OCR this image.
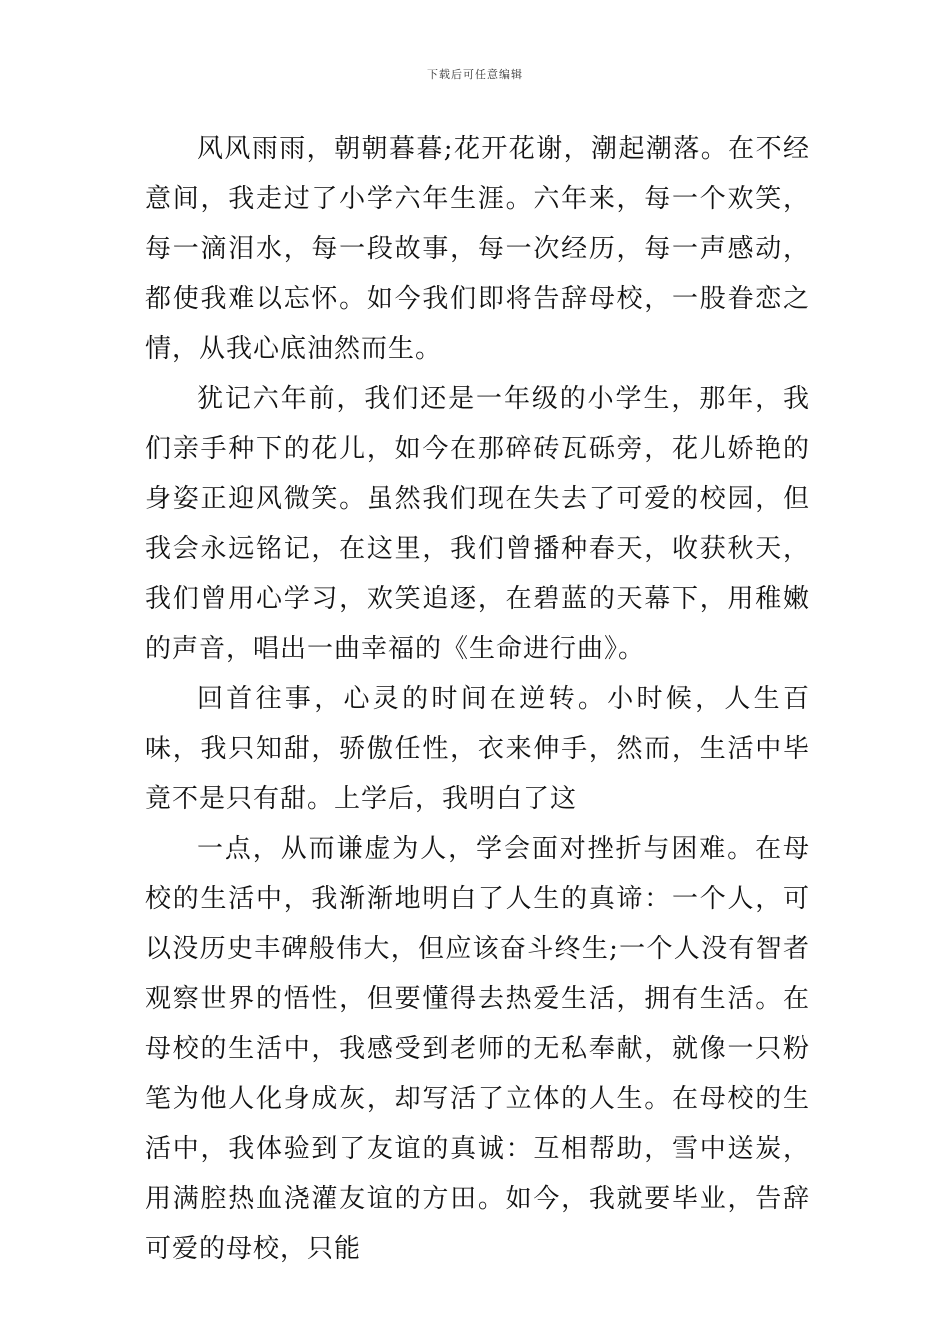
下载后可任意编辑

风风雨雨，朝朝暮暮;花开花谢，潮起潮落。在不经意间，我走过了小学六年生涯。六年来，每一个欢笑，每一滴泪水，每一段故事，每一次经历，每一声感动，都使我难以忘怀。如今我们即将告辞母校，一股眷恋之情，从我心底油然而生。

犹记六年前，我们还是一年级的小学生，那年，我们亲手种下的花儿，如今在那碎砖瓦砾旁，花儿娇艳的身姿正迎风微笑。虽然我们现在失去了可爱的校园，但我会永远铭记，在这里，我们曾播种春天，收获秋天，我们曾用心学习，欢笑追逐，在碧蓝的天幕下，用稚嫩的声音，唱出一曲幸福的《生命进行曲》。

回首往事，心灵的时间在逆转。小时候，人生百味，我只知甜，骄傲任性，衣来伸手，然而，生活中毕竟不是只有甜。上学后，我明白了这

一点，从而谦虚为人，学会面对挫折与困难。在母校的生活中，我渐渐地明白了人生的真谛：一个人，可以没历史丰碑般伟大，但应该奋斗终生;一个人没有智者观察世界的悟性，但要懂得去热爱生活，拥有生活。在母校的生活中，我感受到老师的无私奉献，就像一只粉笔为他人化身成灰，却写活了立体的人生。在母校的生活中，我体验到了友谊的真诚：互相帮助，雪中送炭，用满腔热血浇灌友谊的方田。如今，我就要毕业，告辞可爱的母校，只能
